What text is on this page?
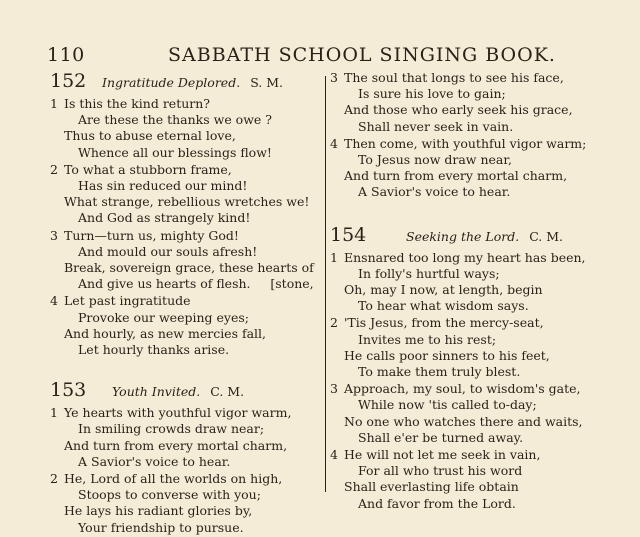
110	SABBATH SCHOOL SINGING BOOK.
152	Ingratitude Deplored. S. M.
1 Is this the kind return?
Are these the thanks we owe ?
Thus to abuse eternal love,
Whence all our blessings flow!
2 To what a stubborn frame,
Has sin reduced our mind!
What strange, rebellious wretches we!
And God as strangely kind!
3 Turn—turn us, mighty God!
And mould our souls afresh!
Break, sovereign grace, these hearts of
And give us hearts of flesh.     [stone,
4 Let past ingratitude
Provoke our weeping eyes;
And hourly, as new mercies fall,
Let hourly thanks arise.
153	Youth Invited. C. M.
1 Ye hearts with youthful vigor warm,
In smiling crowds draw near;
And turn from every mortal charm,
A Savior's voice to hear.
2 He, Lord of all the worlds on high,
Stoops to converse with you;
He lays his radiant glories by,
Your friendship to pursue.
3 The soul that longs to see his face,
Is sure his love to gain;
And those who early seek his grace,
Shall never seek in vain.
4 Then come, with youthful vigor warm;
To Jesus now draw near,
And turn from every mortal charm,
A Savior's voice to hear.
154	Seeking the Lord. C. M.
1 Ensnared too long my heart has been,
In folly's hurtful ways;
Oh, may I now, at length, begin
To hear what wisdom says.
2 'Tis Jesus, from the mercy-seat,
Invites me to his rest;
He calls poor sinners to his feet,
To make them truly blest.
3 Approach, my soul, to wisdom's gate,
While now 'tis called to-day;
No one who watches there and waits,
Shall e'er be turned away.
4 He will not let me seek in vain,
For all who trust his word
Shall everlasting life obtain
And favor from the Lord.
